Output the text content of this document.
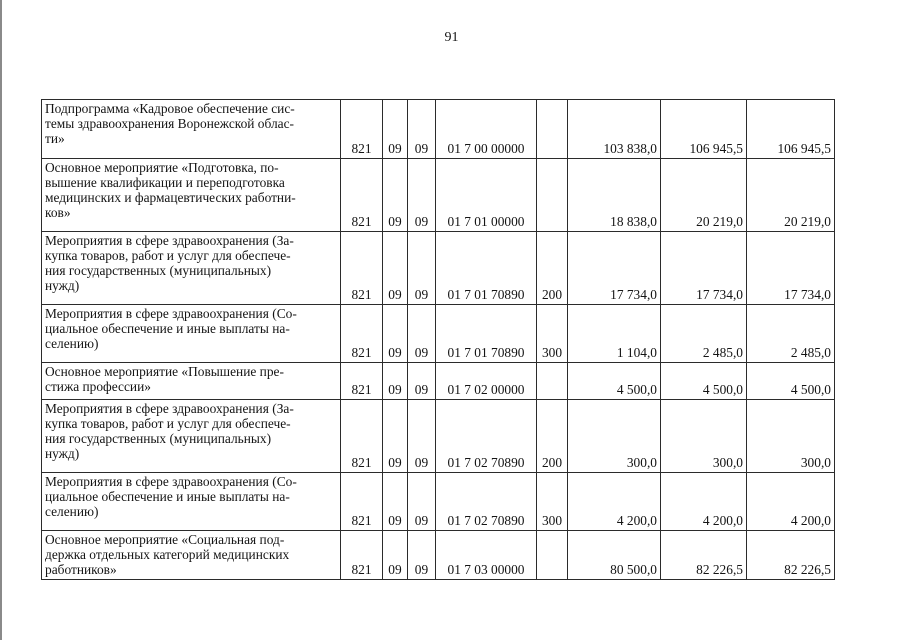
91
Подпрограмма «Кадровое обеспечение сис-
темы здравоохранения Воронежской облас-
ти»	821	09	09	01 7 00 00000		103 838,0	106 945,5	106 945,5

Основное мероприятие «Подготовка, по-
вышение квалификации и переподготовка
медицинских и фармацевтических работни-
ков»	821	09	09	01 7 01 00000		18 838,0	20 219,0	20 219,0

Мероприятия в сфере здравоохранения (За-
купка товаров, работ и услуг для обеспече-
ния государственных (муниципальных)
нужд)	821	09	09	01 7 01 70890	200	17 734,0	17 734,0	17 734,0

Мероприятия в сфере здравоохранения (Со-
циальное обеспечение и иные выплаты на-
селению)	821	09	09	01 7 01 70890	300	1 104,0	2 485,0	2 485,0

Основное мероприятие «Повышение пре-
стижа профессии»	821	09	09	01 7 02 00000		4 500,0	4 500,0	4 500,0

Мероприятия в сфере здравоохранения (За-
купка товаров, работ и услуг для обеспече-
ния государственных (муниципальных)
нужд)	821	09	09	01 7 02 70890	200	300,0	300,0	300,0

Мероприятия в сфере здравоохранения (Со-
циальное обеспечение и иные выплаты на-
селению)	821	09	09	01 7 02 70890	300	4 200,0	4 200,0	4 200,0

Основное мероприятие «Социальная под-
держка отдельных категорий медицинских
работников»	821	09	09	01 7 03 00000		80 500,0	82 226,5	82 226,5
